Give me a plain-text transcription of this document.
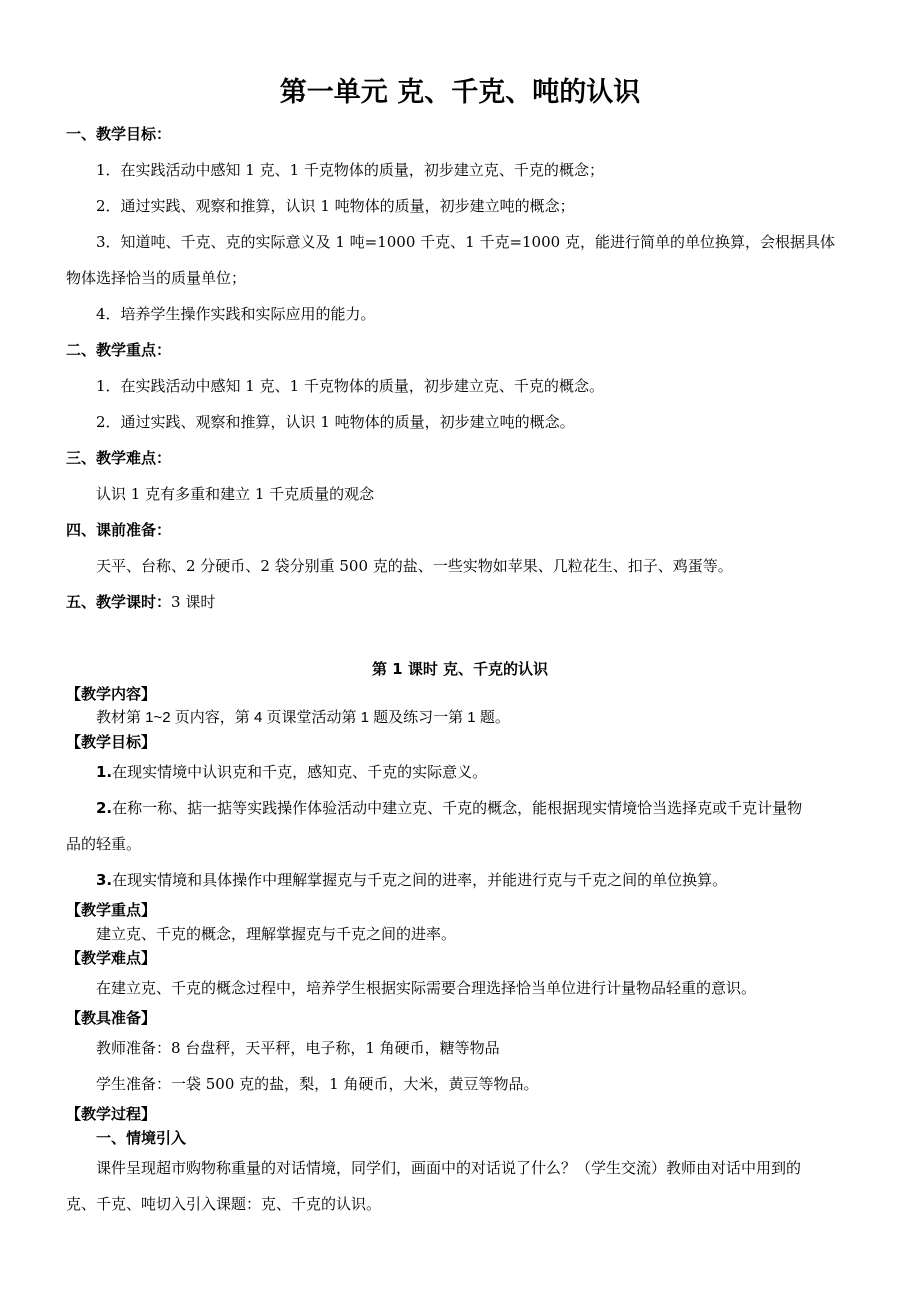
第一单元 克、千克、吨的认识
一、教学目标：
1．在实践活动中感知 1 克、1 千克物体的质量，初步建立克、千克的概念；
2．通过实践、观察和推算，认识 1 吨物体的质量，初步建立吨的概念；
3．知道吨、千克、克的实际意义及 1 吨=1000 千克、1 千克=1000 克，能进行简单的单位换算，会根据具体
物体选择恰当的质量单位；
4．培养学生操作实践和实际应用的能力。
二、教学重点：
1．在实践活动中感知 1 克、1 千克物体的质量，初步建立克、千克的概念。
2．通过实践、观察和推算，认识 1 吨物体的质量，初步建立吨的概念。
三、教学难点：
认识 1 克有多重和建立 1 千克质量的观念
四、课前准备：
天平、台称、2 分硬币、2 袋分别重 500 克的盐、一些实物如苹果、几粒花生、扣子、鸡蛋等。
五、教学课时：3 课时
第 1 课时 克、千克的认识
【教学内容】
教材第 1~2 页内容，第 4 页课堂活动第 1 题及练习一第 1 题。
【教学目标】
1.在现实情境中认识克和千克，感知克、千克的实际意义。
2.在称一称、掂一掂等实践操作体验活动中建立克、千克的概念，能根据现实情境恰当选择克或千克计量物
品的轻重。
3.在现实情境和具体操作中理解掌握克与千克之间的进率，并能进行克与千克之间的单位换算。
【教学重点】
建立克、千克的概念，理解掌握克与千克之间的进率。
【教学难点】
在建立克、千克的概念过程中，培养学生根据实际需要合理选择恰当单位进行计量物品轻重的意识。
【教具准备】
教师准备：8 台盘秤，天平秤，电子称，1 角硬币，糖等物品
学生准备：一袋 500 克的盐，梨，1 角硬币，大米，黄豆等物品。
【教学过程】
一、情境引入
课件呈现超市购物称重量的对话情境，同学们，画面中的对话说了什么？（学生交流）教师由对话中用到的
克、千克、吨切入引入课题：克、千克的认识。
